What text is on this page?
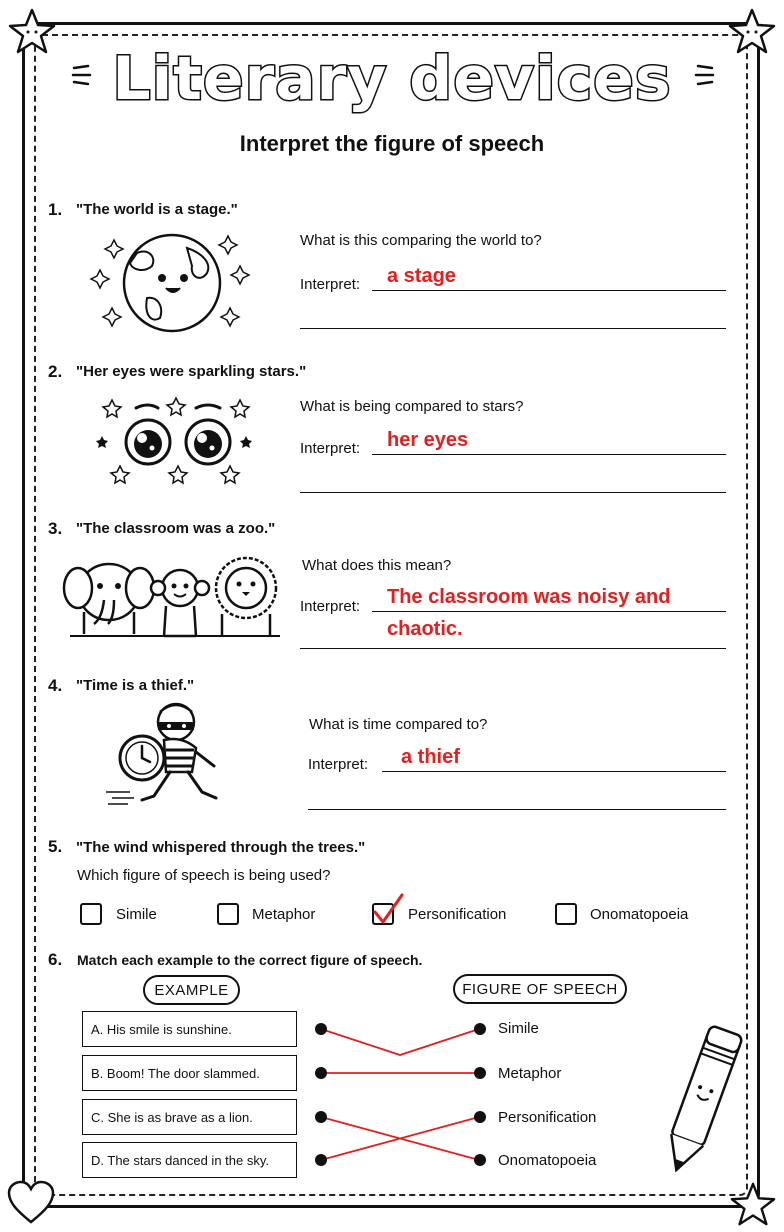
Literary devices
Interpret the figure of speech
1. "The world is a stage."
What is this comparing the world to?
Interpret: a stage
2. "Her eyes were sparkling stars."
What is being compared to stars?
Interpret: her eyes
3. "The classroom was a zoo."
What does this mean?
Interpret: The classroom was noisy and
chaotic.
4. "Time is a thief."
What is time compared to?
Interpret: a thief
5. "The wind whispered through the trees."
Which figure of speech is being used?
Simile	Metaphor	Personification	Onomatopoeia
6. Match each example to the correct figure of speech.
EXAMPLE	FIGURE OF SPEECH
A. His smile is sunshine.
B. Boom! The door slammed.
C. She is as brave as a lion.
D. The stars danced in the sky.
Simile
Metaphor
Personification
Onomatopoeia
